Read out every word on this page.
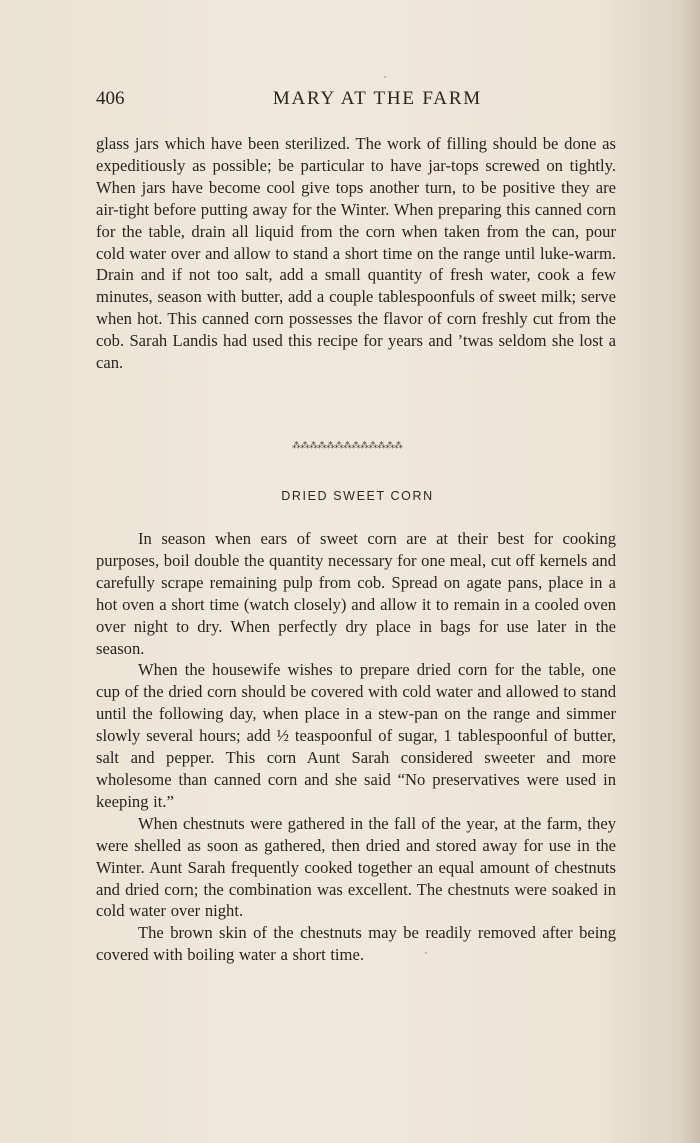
406	MARY AT THE FARM

glass jars which have been sterilized. The work of filling should be done as expeditiously as possible; be particular to have jar-tops screwed on tightly. When jars have become cool give tops another turn, to be positive they are air-tight before putting away for the Winter. When preparing this canned corn for the table, drain all liquid from the corn when taken from the can, pour cold water over and allow to stand a short time on the range until luke-warm. Drain and if not too salt, add a small quantity of fresh water, cook a few minutes, season with butter, add a couple tablespoonfuls of sweet milk; serve when hot. This canned corn possesses the flavor of corn freshly cut from the cob. Sarah Landis had used this recipe for years and ’twas seldom she lost a can.

⁂⁂⁂⁂⁂⁂⁂⁂⁂⁂⁂⁂⁂
DRIED SWEET CORN

In season when ears of sweet corn are at their best for cooking purposes, boil double the quantity necessary for one meal, cut off kernels and carefully scrape remaining pulp from cob. Spread on agate pans, place in a hot oven a short time (watch closely) and allow it to remain in a cooled oven over night to dry. When perfectly dry place in bags for use later in the season.

When the housewife wishes to prepare dried corn for the table, one cup of the dried corn should be covered with cold water and allowed to stand until the following day, when place in a stew-pan on the range and simmer slowly several hours; add ½ teaspoonful of sugar, 1 tablespoonful of butter, salt and pepper. This corn Aunt Sarah considered sweeter and more wholesome than canned corn and she said “No preservatives were used in keeping it.”

When chestnuts were gathered in the fall of the year, at the farm, they were shelled as soon as gathered, then dried and stored away for use in the Winter. Aunt Sarah frequently cooked together an equal amount of chestnuts and dried corn; the combination was excellent. The chestnuts were soaked in cold water over night.

The brown skin of the chestnuts may be readily removed after being covered with boiling water a short time.
